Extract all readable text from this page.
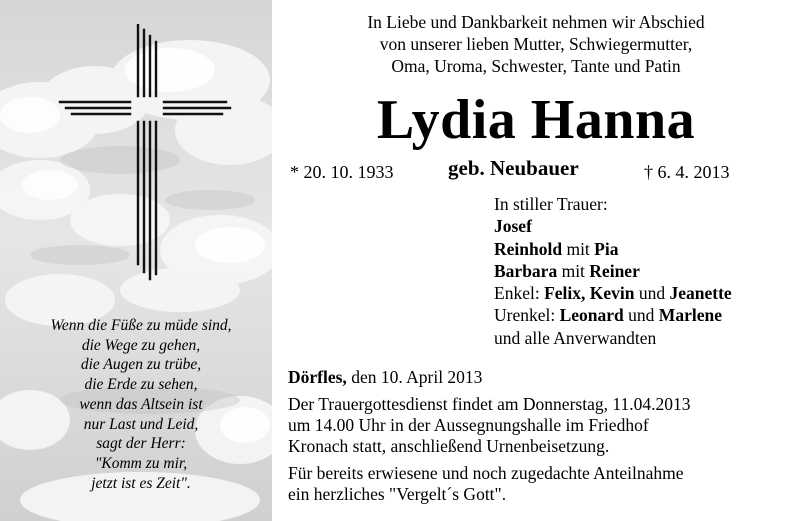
Wenn die Füße zu müde sind,
die Wege zu gehen,
die Augen zu trübe,
die Erde zu sehen,
wenn das Altsein ist
nur Last und Leid,
sagt der Herr:
"Komm zu mir,
jetzt ist es Zeit".
In Liebe und Dankbarkeit nehmen wir Abschied
von unserer lieben Mutter, Schwiegermutter,
Oma, Uroma, Schwester, Tante und Patin
Lydia Hanna
* 20. 10. 1933	geb. Neubauer	† 6. 4. 2013
In stiller Trauer:
Josef
Reinhold mit Pia
Barbara mit Reiner
Enkel: Felix, Kevin und Jeanette
Urenkel: Leonard und Marlene
und alle Anverwandten
Dörfles, den 10. April 2013
Der Trauergottesdienst findet am Donnerstag, 11.04.2013
um 14.00 Uhr in der Aussegnungshalle im Friedhof
Kronach statt, anschließend Urnenbeisetzung.
Für bereits erwiesene und noch zugedachte Anteilnahme
ein herzliches "Vergelt´s Gott".
